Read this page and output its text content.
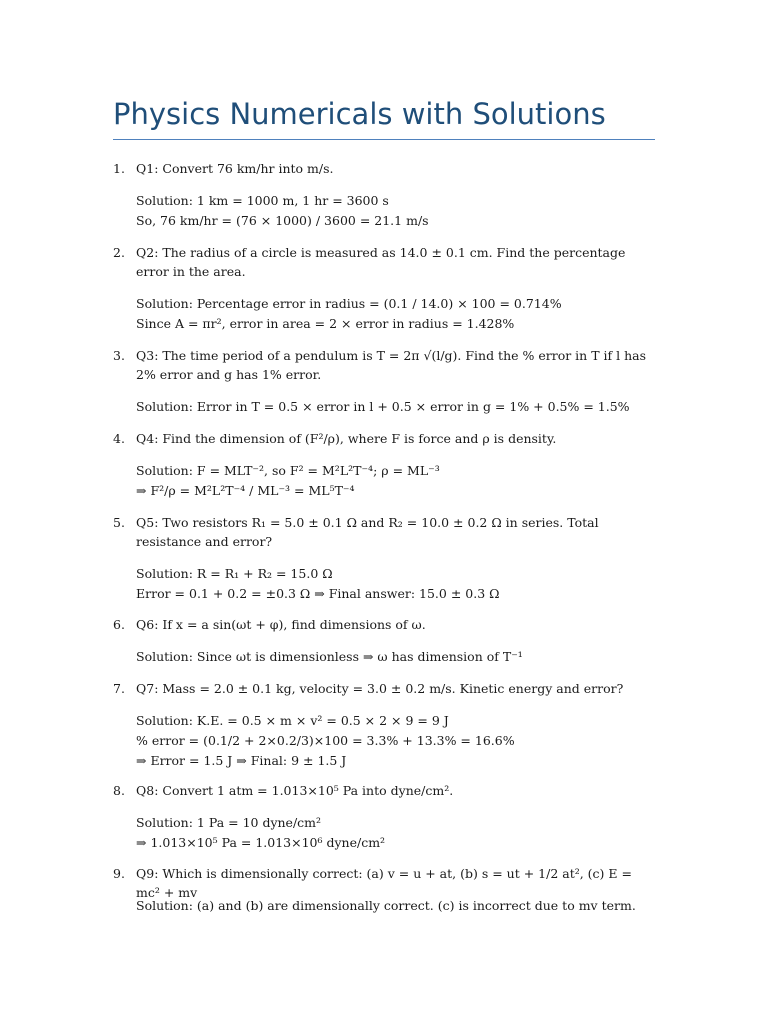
Physics Numericals with Solutions
1. Q1: Convert 76 km/hr into m/s.
Solution: 1 km = 1000 m, 1 hr = 3600 s
So, 76 km/hr = (76 × 1000) / 3600 = 21.1 m/s
2. Q2: The radius of a circle is measured as 14.0 ± 0.1 cm. Find the percentage error in the area.
Solution: Percentage error in radius = (0.1 / 14.0) × 100 = 0.714%
Since A = πr², error in area = 2 × error in radius = 1.428%
3. Q3: The time period of a pendulum is T = 2π √(l/g). Find the % error in T if l has 2% error and g has 1% error.
Solution: Error in T = 0.5 × error in l + 0.5 × error in g = 1% + 0.5% = 1.5%
4. Q4: Find the dimension of (F²/ρ), where F is force and ρ is density.
Solution: F = MLT⁻², so F² = M²L²T⁻⁴; ρ = ML⁻³
⇒ F²/ρ = M²L²T⁻⁴ / ML⁻³ = ML⁵T⁻⁴
5. Q5: Two resistors R₁ = 5.0 ± 0.1 Ω and R₂ = 10.0 ± 0.2 Ω in series. Total resistance and error?
Solution: R = R₁ + R₂ = 15.0 Ω
Error = 0.1 + 0.2 = ±0.3 Ω ⇒ Final answer: 15.0 ± 0.3 Ω
6. Q6: If x = a sin(ωt + φ), find dimensions of ω.
Solution: Since ωt is dimensionless ⇒ ω has dimension of T⁻¹
7. Q7: Mass = 2.0 ± 0.1 kg, velocity = 3.0 ± 0.2 m/s. Kinetic energy and error?
Solution: K.E. = 0.5 × m × v² = 0.5 × 2 × 9 = 9 J
% error = (0.1/2 + 2×0.2/3)×100 = 3.3% + 13.3% = 16.6%
⇒ Error = 1.5 J ⇒ Final: 9 ± 1.5 J
8. Q8: Convert 1 atm = 1.013×10⁵ Pa into dyne/cm².
Solution: 1 Pa = 10 dyne/cm²
⇒ 1.013×10⁵ Pa = 1.013×10⁶ dyne/cm²
9. Q9: Which is dimensionally correct: (a) v = u + at, (b) s = ut + 1/2 at², (c) E = mc² + mv
Solution: (a) and (b) are dimensionally correct. (c) is incorrect due to mv term.
